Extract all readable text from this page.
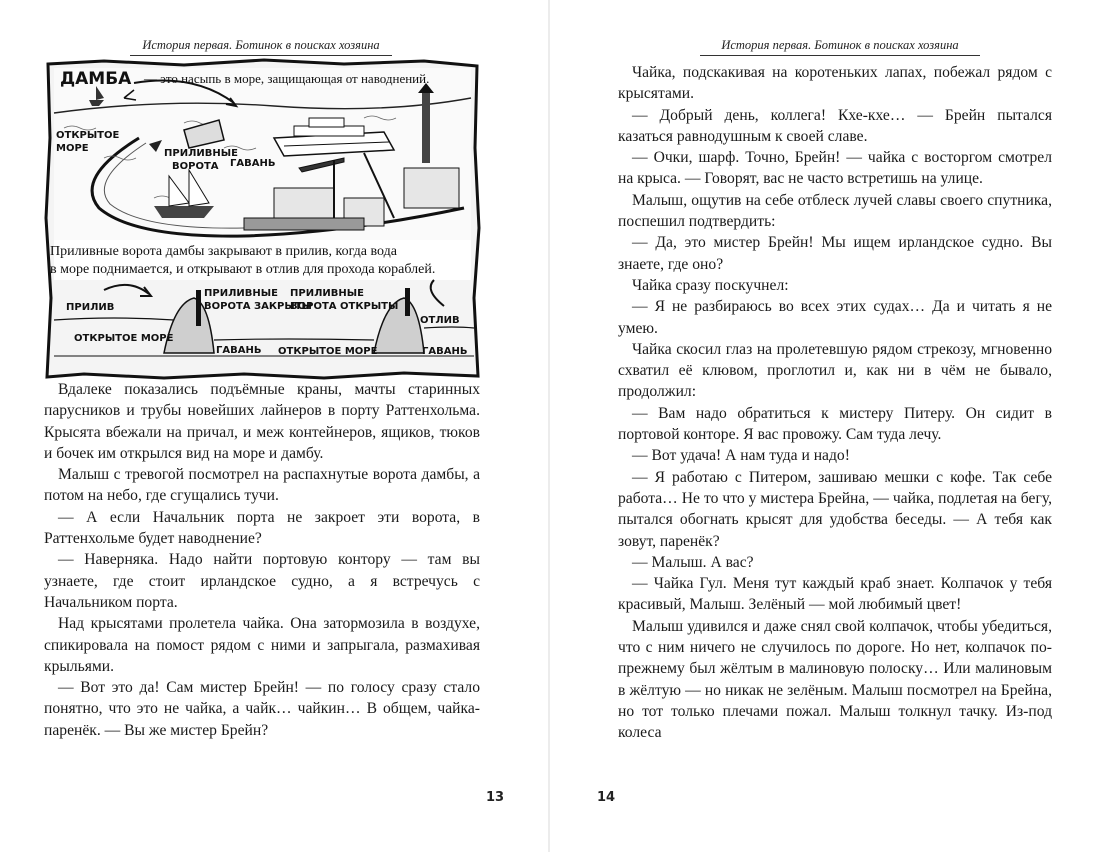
История первая. Ботинок в поисках хозяина
ДАМБА — это насыпь в море, защищающая от наводнений.
ОТКРЫТОЕ
МОРЕ	ПРИЛИВНЫЕ
ВОРОТА ГАВАНЬ
Приливные ворота дамбы закрывают в прилив, когда вода
в море поднимается, и открывают в отлив для прохода кораблей.
ПРИЛИВ
ПРИЛИВНЫЕ
ВОРОТА ЗАКРЫТЫ
ПРИЛИВНЫЕ
ВОРОТА ОТКРЫТЫ
ОТЛИВ
ОТКРЫТОЕ МОРЕ
ГАВАНЬ ОТКРЫТОЕ МОРЕ	ГАВАНЬ

Вдалеке показались подъёмные краны, мачты старинных парусников и трубы новейших лайнеров в порту Раттенхольма. Крысята вбежали на причал, и меж контейнеров, ящиков, тюков и бочек им открылся вид на море и дамбу.

Малыш с тревогой посмотрел на распахнутые ворота дамбы, а потом на небо, где сгущались тучи.

— А если Начальник порта не закроет эти ворота, в Раттенхольме будет наводнение?

— Наверняка. Надо найти портовую контору — там вы узнаете, где стоит ирландское судно, а я встречусь с Начальником порта.

Над крысятами пролетела чайка. Она затормозила в воздухе, спикировала на помост рядом с ними и запрыгала, размахивая крыльями.

— Вот это да! Сам мистер Брейн! — по голосу сразу стало понятно, что это не чайка, а чайк… чайкин… В общем, чайка-паренёк. — Вы же мистер Брейн?

13
История первая. Ботинок в поисках хозяина

Чайка, подскакивая на коротеньких лапах, побежал рядом с крысятами.

— Добрый день, коллега! Кхе-кхе… — Брейн пытался казаться равнодушным к своей славе.

— Очки, шарф. Точно, Брейн! — чайка с восторгом смотрел на крыса. — Говорят, вас не часто встретишь на улице.

Малыш, ощутив на себе отблеск лучей славы своего спутника, поспешил подтвердить:

— Да, это мистер Брейн! Мы ищем ирландское судно. Вы знаете, где оно?

Чайка сразу поскучнел:

— Я не разбираюсь во всех этих судах… Да и читать я не умею.

Чайка скосил глаз на пролетевшую рядом стрекозу, мгновенно схватил её клювом, проглотил и, как ни в чём не бывало, продолжил:

— Вам надо обратиться к мистеру Питеру. Он сидит в портовой конторе. Я вас провожу. Сам туда лечу.

— Вот удача! А нам туда и надо!

— Я работаю с Питером, зашиваю мешки с кофе. Так себе работа… Не то что у мистера Брейна, — чайка, подлетая на бегу, пытался обогнать крысят для удобства беседы. — А тебя как зовут, паренёк?

— Малыш. А вас?

— Чайка Гул. Меня тут каждый краб знает. Колпачок у тебя красивый, Малыш. Зелёный — мой любимый цвет!

Малыш удивился и даже снял свой колпачок, чтобы убедиться, что с ним ничего не случилось по дороге. Но нет, колпачок по-прежнему был жёлтым в малиновую полоску… Или малиновым в жёлтую — но никак не зелёным. Малыш посмотрел на Брейна, но тот только плечами пожал. Малыш толкнул тачку. Из-под колеса

14
